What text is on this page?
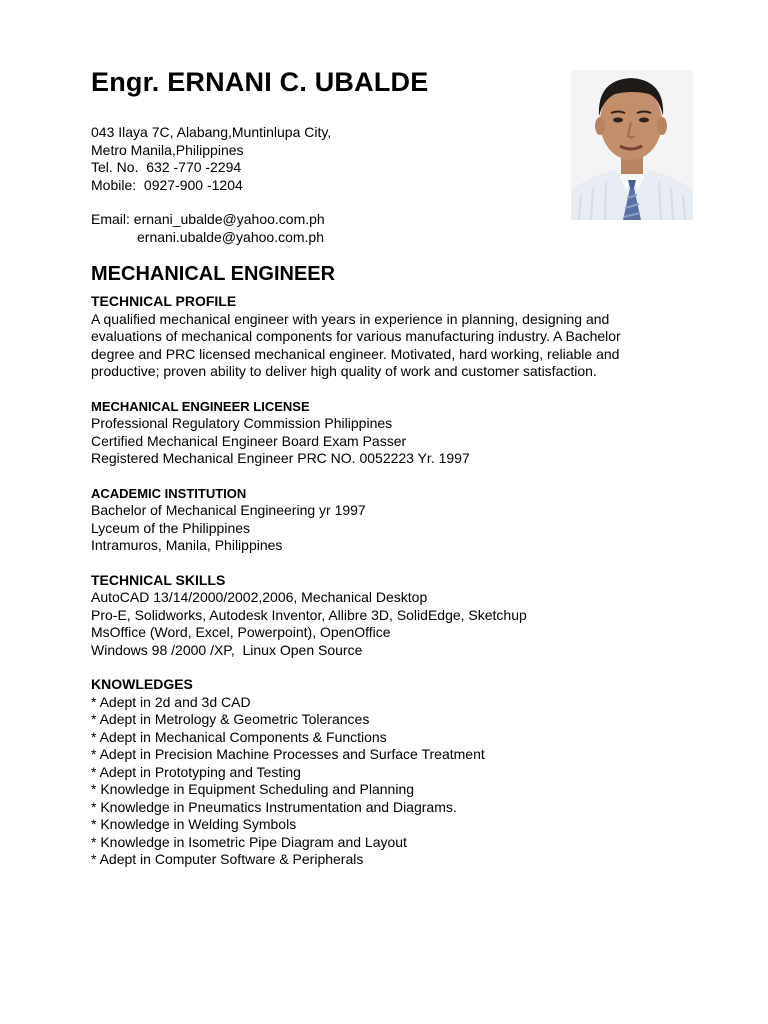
Engr. ERNANI C. UBALDE
043 Ilaya 7C, Alabang,Muntinlupa City,
Metro Manila,Philippines
Tel. No.  632 -770 -2294
Mobile:  0927-900 -1204
Email: ernani_ubalde@yahoo.com.ph
ernani.ubalde@yahoo.com.ph
MECHANICAL ENGINEER
TECHNICAL PROFILE
A qualified mechanical engineer with years in experience in planning, designing and evaluations of mechanical components for various manufacturing industry. A Bachelor degree and PRC licensed mechanical engineer. Motivated, hard working, reliable and productive; proven ability to deliver high quality of work and customer satisfaction.
MECHANICAL ENGINEER LICENSE
Professional Regulatory Commission Philippines
Certified Mechanical Engineer Board Exam Passer
Registered Mechanical Engineer PRC NO. 0052223 Yr. 1997
ACADEMIC INSTITUTION
Bachelor of Mechanical Engineering yr 1997
Lyceum of the Philippines
Intramuros, Manila, Philippines
TECHNICAL SKILLS
AutoCAD 13/14/2000/2002,2006, Mechanical Desktop
Pro-E, Solidworks, Autodesk Inventor, Allibre 3D, SolidEdge, Sketchup
MsOffice (Word, Excel, Powerpoint), OpenOffice
Windows 98 /2000 /XP,  Linux Open Source
KNOWLEDGES
* Adept in 2d and 3d CAD
* Adept in Metrology & Geometric Tolerances
* Adept in Mechanical Components & Functions
* Adept in Precision Machine Processes and Surface Treatment
* Adept in Prototyping and Testing
* Knowledge in Equipment Scheduling and Planning
* Knowledge in Pneumatics Instrumentation and Diagrams.
* Knowledge in Welding Symbols
* Knowledge in Isometric Pipe Diagram and Layout
* Adept in Computer Software & Peripherals
